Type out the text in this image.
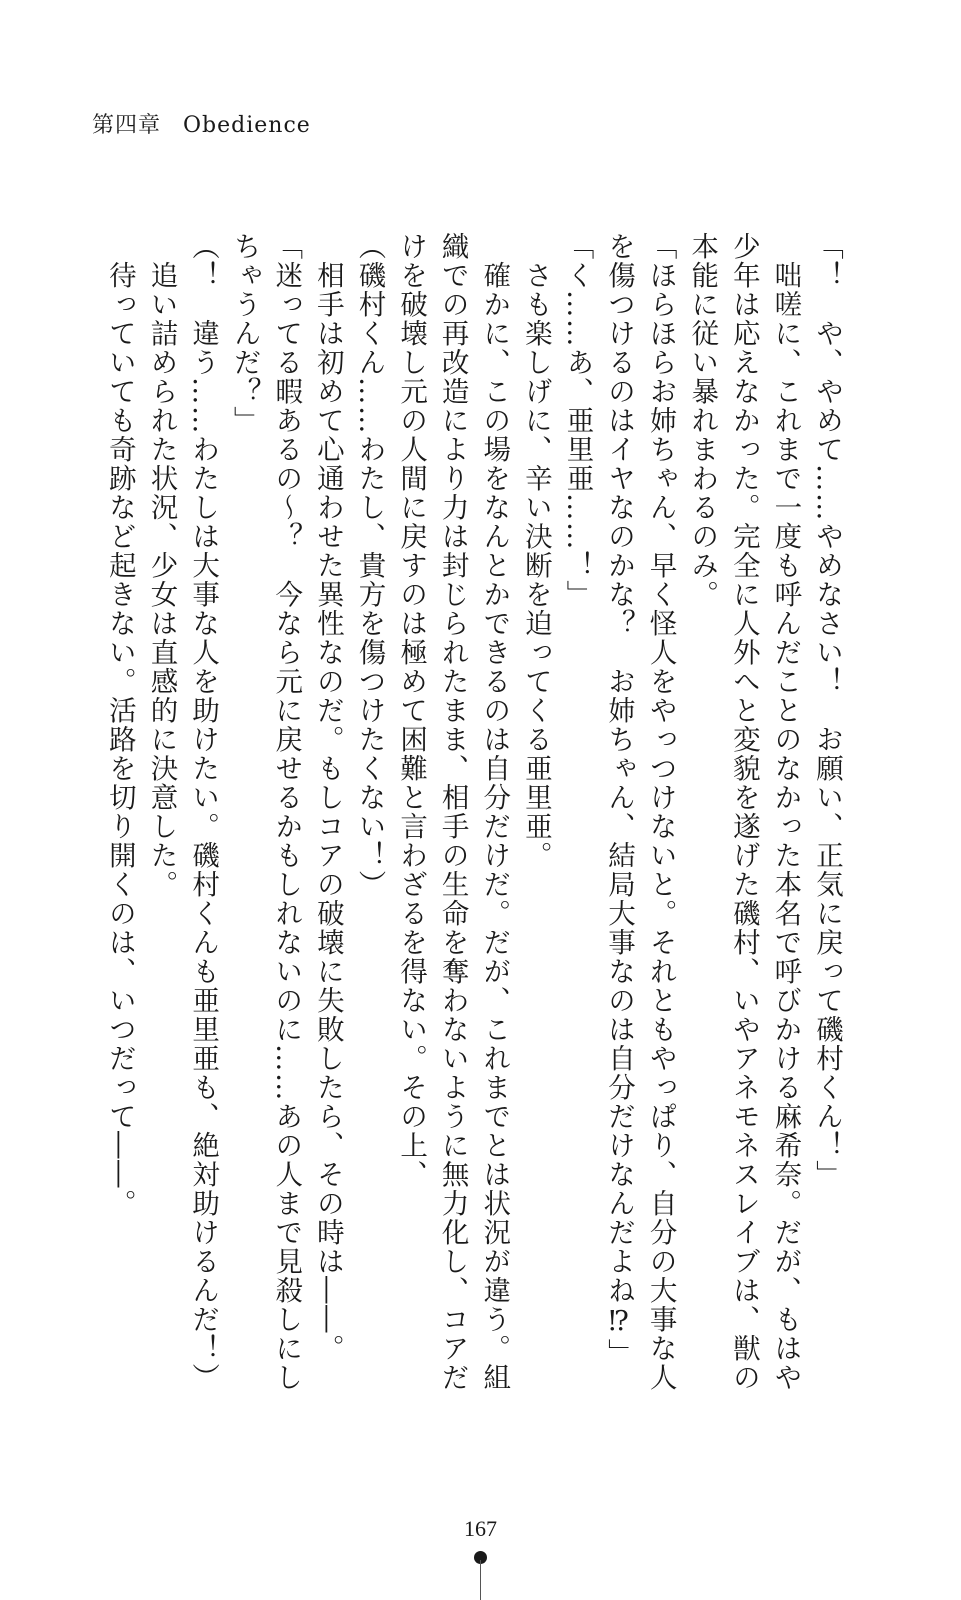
第四章 Obedience
「！　や、やめて……やめなさい！　お願い、正気に戻って磯村くん！」
　咄嗟に、これまで一度も呼んだことのなかった本名で呼びかける麻希奈。だが、もはや
少年は応えなかった。完全に人外へと変貌を遂げた磯村、いやアネモネスレイブは、獣の
本能に従い暴れまわるのみ。
「ほらほらお姉ちゃん、早く怪人をやっつけないと。それともやっぱり、自分の大事な人
を傷つけるのはイヤなのかな？　お姉ちゃん、結局大事なのは自分だけなんだよね⁉」
「く……あ、亜里亜……！」
　さも楽しげに、辛い決断を迫ってくる亜里亜。
　確かに、この場をなんとかできるのは自分だけだ。だが、これまでとは状況が違う。組
織での再改造により力は封じられたまま、相手の生命を奪わないように無力化し、コアだ
けを破壊し元の人間に戻すのは極めて困難と言わざるを得ない。その上、
（磯村くん……わたし、貴方を傷つけたくない！）
　相手は初めて心通わせた異性なのだ。もしコアの破壊に失敗したら、その時は――。
「迷ってる暇あるの〜？　今なら元に戻せるかもしれないのに……あの人まで見殺しにし
ちゃうんだ？」
（！　違う……わたしは大事な人を助けたい。磯村くんも亜里亜も、絶対助けるんだ！）
　追い詰められた状況、少女は直感的に決意した。
　待っていても奇跡など起きない。活路を切り開くのは、いつだって――。
167
